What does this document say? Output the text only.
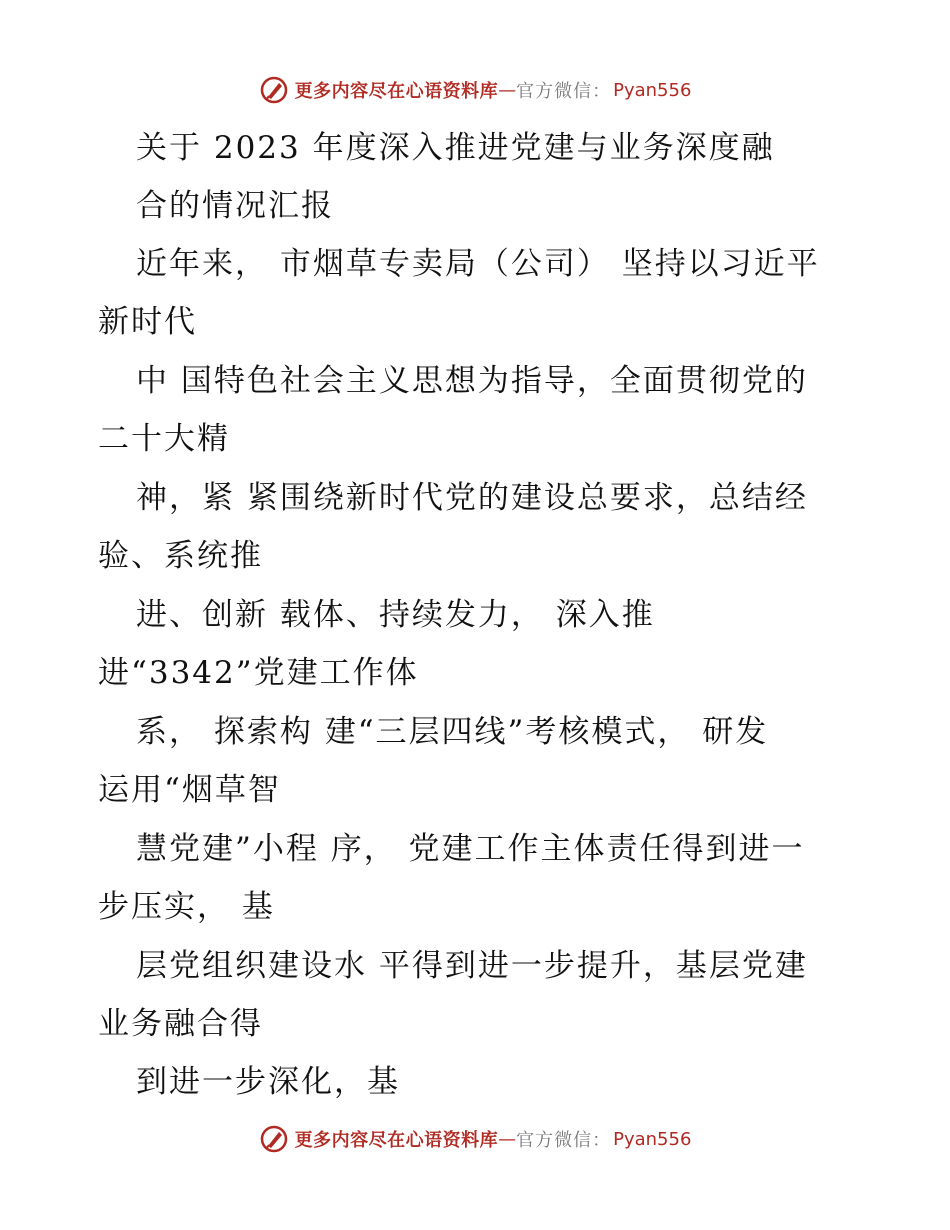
更多内容尽在心语资料库 — 官方微信： Pyan556

关于 2023 年度深入推进党建与业务深度融

合的情况汇报

近年来， 市烟草专卖局（公司） 坚持以习近平

新时代

中 国特色社会主义思想为指导，全面贯彻党的

二十大精

神，紧 紧围绕新时代党的建设总要求，总结经

验、系统推

进、创新 载体、持续发力， 深入推

进“3342”党建工作体

系， 探索构 建“三层四线”考核模式， 研发

运用“烟草智

慧党建”小程 序， 党建工作主体责任得到进一

步压实， 基

层党组织建设水 平得到进一步提升，基层党建

业务融合得

到进一步深化，基

更多内容尽在心语资料库 — 官方微信： Pyan556
